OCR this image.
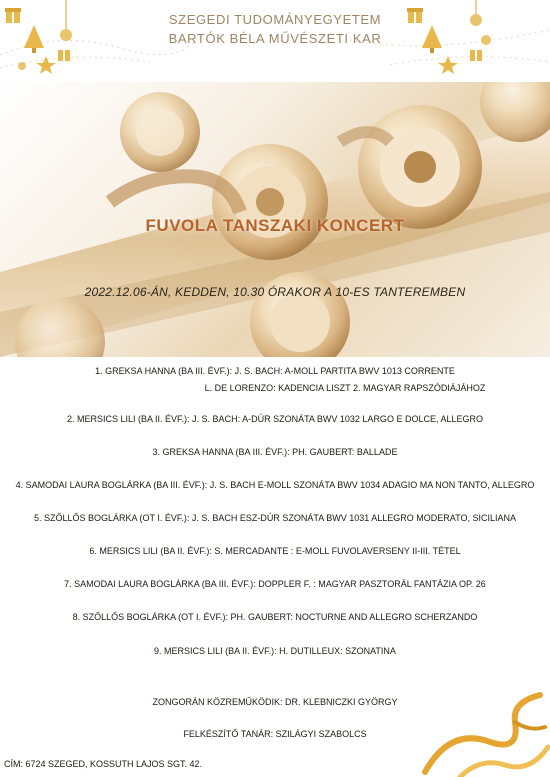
SZEGEDI TUDOMÁNYEGYETEM
BARTÓK BÉLA MŰVÉSZETI KAR
FUVOLA TANSZAKI KONCERT
2022.12.06-ÁN, KEDDEN, 10.30 ÓRAKOR A 10-ES TANTEREMBEN
1. GREKSA HANNA (BA III. ÉVF.): J. S. BACH: A-MOLL PARTITA BWV 1013 CORRENTE
L. DE LORENZO: KADENCIA LISZT 2. MAGYAR RAPSZÓDIÁJÁHOZ
2. MERSICS LILI (BA II. ÉVF.): J. S. BACH: A-DÚR SZONÁTA BWV 1032 LARGO E DOLCE, ALLEGRO
3. GREKSA HANNA (BA III. ÉVF.): PH. GAUBERT: BALLADE
4. SAMODAI LAURA BOGLÁRKA (BA III. ÉVF.): J. S. BACH E-MOLL SZONÁTA BWV 1034 ADAGIO MA NON TANTO, ALLEGRO
5. SZŐLLŐS BOGLÁRKA (OT I. ÉVF.): J. S. BACH ESZ-DÚR SZONÁTA BWV 1031 ALLEGRO MODERATO, SICILIANA
6. MERSICS LILI (BA II. ÉVF.): S. MERCADANTE : E-MOLL FUVOLAVERSENY II-III. TÉTEL
7. SAMODAI LAURA BOGLÁRKA (BA III. ÉVF.): DOPPLER F. : MAGYAR PASZTORÁL FANTÁZIA OP. 26
8. SZŐLLŐS BOGLÁRKA (OT I. ÉVF.): PH. GAUBERT: NOCTURNE AND ALLEGRO SCHERZANDO
9. MERSICS LILI (BA II. ÉVF.): H. DUTILLEUX: SZONATINA
ZONGORÁN KÖZREMŰKÖDIK: DR. KLEBNICZKI GYÖRGY
FELKÉSZÍTŐ TANÁR: SZILÁGYI SZABOLCS
CÍM: 6724 SZEGED, KOSSUTH LAJOS SGT. 42.
